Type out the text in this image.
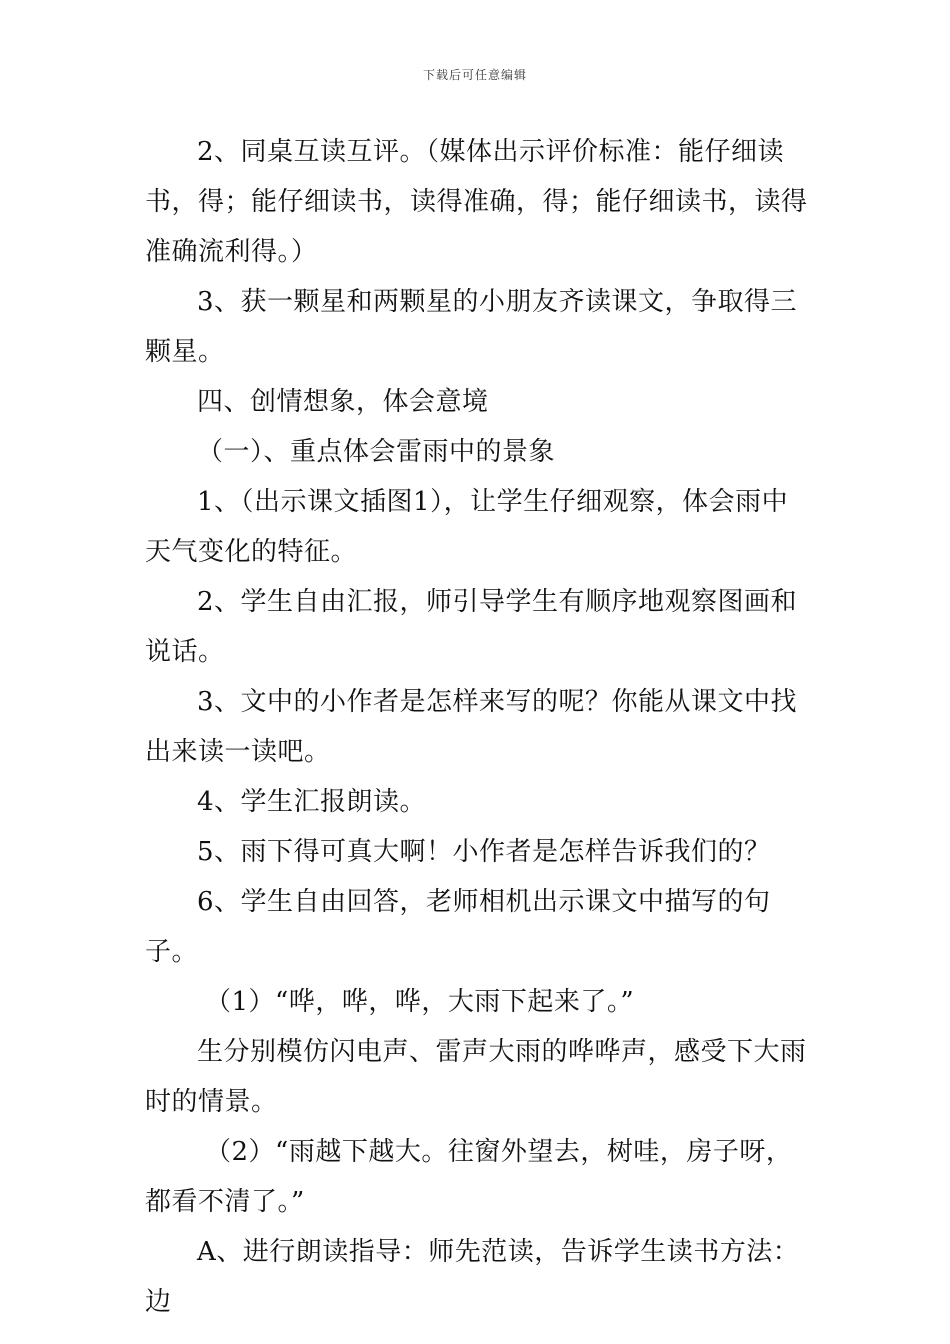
下载后可任意编辑

2、同桌互读互评。（媒体出示评价标准：能仔细读书，得；能仔细读书，读得准确，得；能仔细读书，读得准确流利得。）

3、获一颗星和两颗星的小朋友齐读课文，争取得三颗星。

四、创情想象，体会意境

（一）、重点体会雷雨中的景象

1、（出示课文插图1），让学生仔细观察，体会雨中天气变化的特征。

2、学生自由汇报，师引导学生有顺序地观察图画和说话。

3、文中的小作者是怎样来写的呢？你能从课文中找出来读一读吧。

4、学生汇报朗读。

5、雨下得可真大啊！小作者是怎样告诉我们的？

6、学生自由回答，老师相机出示课文中描写的句子。

（1）“哗，哗，哗，大雨下起来了。”

生分别模仿闪电声、雷声大雨的哗哗声，感受下大雨时的情景。

（2）“雨越下越大。往窗外望去，树哇，房子呀，都看不清了。”

A、进行朗读指导：师先范读，告诉学生读书方法：边
